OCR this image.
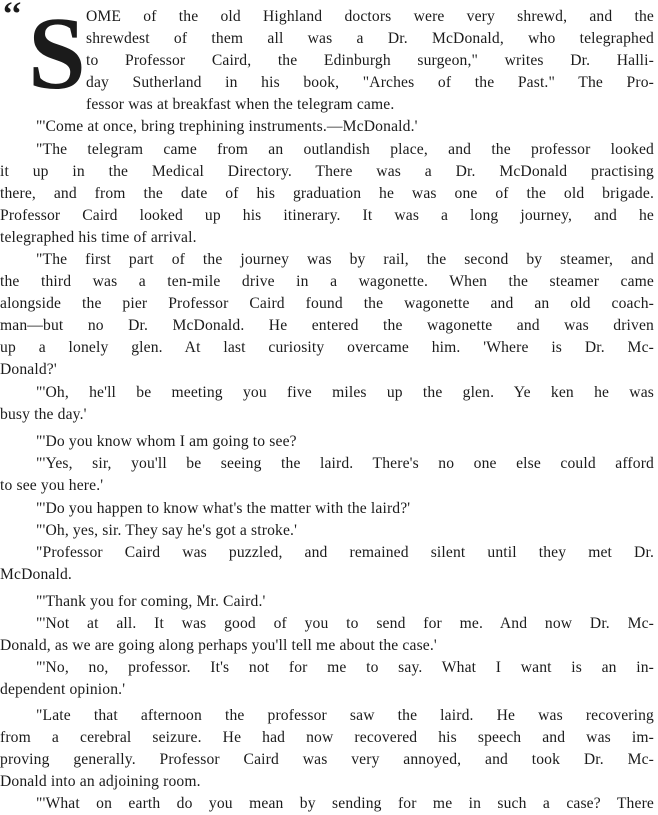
‘‘ S OME of the old Highland doctors were very shrewd, and the
shrewdest of them all was a Dr. McDonald, who telegraphed
to Professor Caird, the Edinburgh surgeon," writes Dr. Halli-
day Sutherland in his book, "Arches of the Past." The Pro-
fessor was at breakfast when the telegram came.
"'Come at once, bring trephining instruments.—McDonald.'
"The telegram came from an outlandish place, and the professor looked
it up in the Medical Directory. There was a Dr. McDonald practising
there, and from the date of his graduation he was one of the old brigade.
Professor Caird looked up his itinerary. It was a long journey, and he
telegraphed his time of arrival.
"The first part of the journey was by rail, the second by steamer, and
the third was a ten-mile drive in a wagonette. When the steamer came
alongside the pier Professor Caird found the wagonette and an old coach-
man—but no Dr. McDonald. He entered the wagonette and was driven
up a lonely glen. At last curiosity overcame him. 'Where is Dr. Mc-
Donald?'
"'Oh, he'll be meeting you five miles up the glen. Ye ken he was
busy the day.'
"'Do you know whom I am going to see?
"'Yes, sir, you'll be seeing the laird. There's no one else could afford
to see you here.'
"'Do you happen to know what's the matter with the laird?'
"'Oh, yes, sir. They say he's got a stroke.'
"Professor Caird was puzzled, and remained silent until they met Dr.
McDonald.
"'Thank you for coming, Mr. Caird.'
"'Not at all. It was good of you to send for me. And now Dr. Mc-
Donald, as we are going along perhaps you'll tell me about the case.'
"'No, no, professor. It's not for me to say. What I want is an in-
dependent opinion.'
"Late that afternoon the professor saw the laird. He was recovering
from a cerebral seizure. He had now recovered his speech and was im-
proving generally. Professor Caird was very annoyed, and took Dr. Mc-
Donald into an adjoining room.
"'What on earth do you mean by sending for me in such a case? There
